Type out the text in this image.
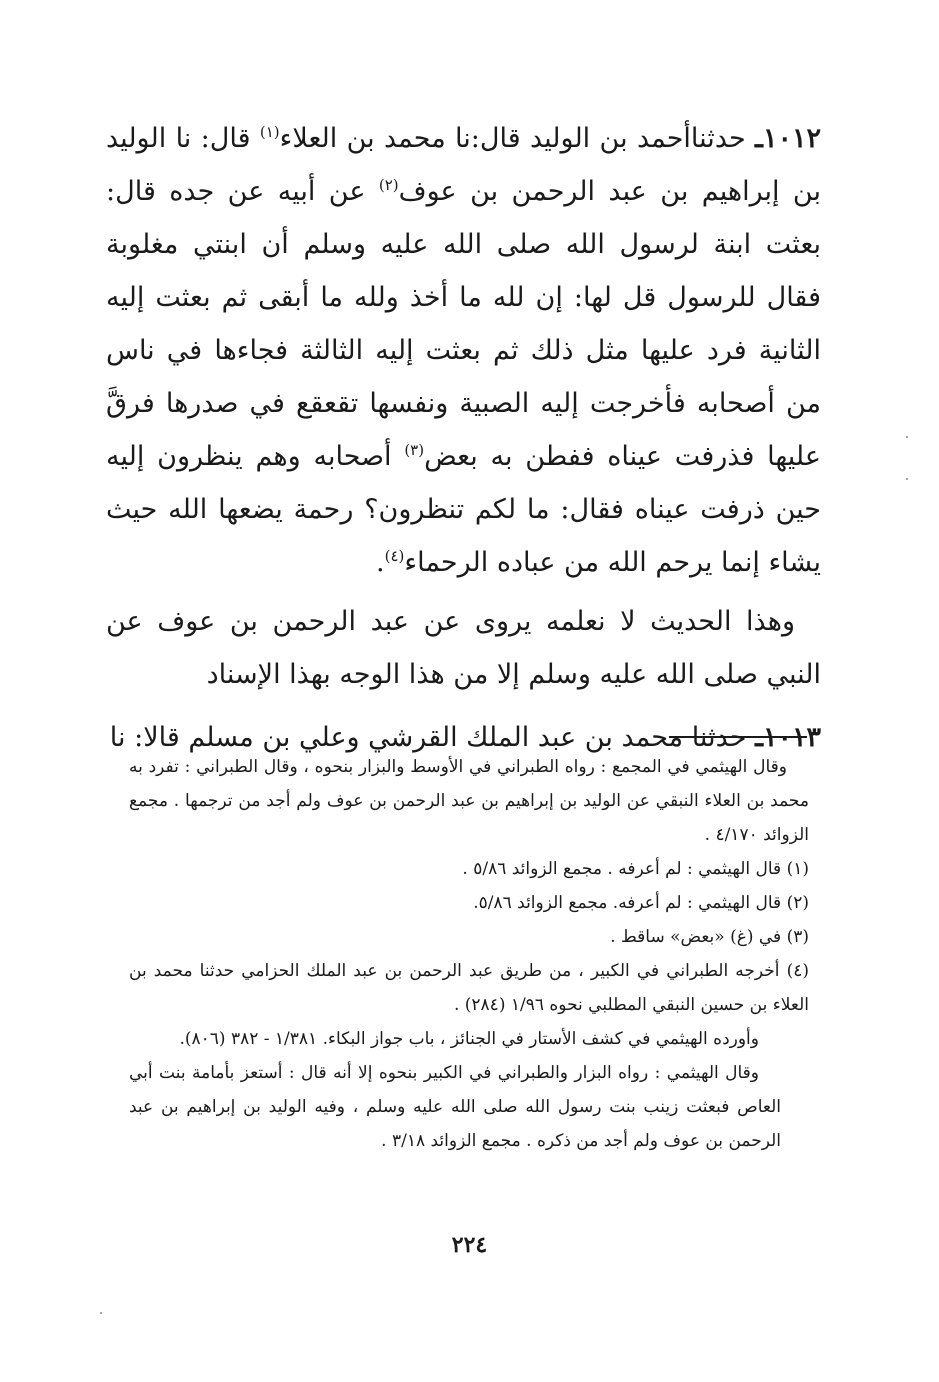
١٠١٢ـ حدثناأحمد بن الوليد قال:نا محمد بن العلاء$^{(١)}$ قال: نا الوليد بن إبراهيم بن عبد الرحمن بن عوف$^{(٢)}$ عن أبيه عن جده قال: بعثت ابنة لرسول الله صلى الله عليه وسلم أن ابنتي مغلوبة فقال للرسول قل لها: إن لله ما أخذ ولله ما أبقى ثم بعثت إليه الثانية فرد عليها مثل ذلك ثم بعثت إليه الثالثة فجاءها في ناس من أصحابه فأخرجت إليه الصبية ونفسها تقعقع في صدرها فرقَّ عليها فذرفت عيناه ففطن به بعض$^{(٣)}$ أصحابه وهم ينظرون إليه حين ذرفت عيناه فقال: ما لكم تنظرون؟ رحمة يضعها الله حيث يشاء إنما يرحم الله من عباده الرحماء$^{(٤)}$.

وهذا الحديث لا نعلمه يروى عن عبد الرحمن بن عوف عن النبي صلى الله عليه وسلم إلا من هذا الوجه بهذا الإسناد

١٠١٣ـ حدثنا محمد بن عبد الملك القرشي وعلي بن مسلم قالا: نا

وقال الهيثمي في المجمع : رواه الطبراني في الأوسط والبزار بنحوه ، وقال الطبراني : تفرد به محمد بن العلاء النبقي عن الوليد بن إبراهيم بن عبد الرحمن بن عوف ولم أجد من ترجمها . مجمع الزوائد ٤/١٧٠ .

(١) قال الهيثمي : لم أعرفه . مجمع الزوائد ٥/٨٦ .

(٢) قال الهيثمي : لم أعرفه. مجمع الزوائد ٥/٨٦.

(٣) في (غ) «بعض» ساقط .

(٤) أخرجه الطبراني في الكبير ، من طريق عبد الرحمن بن عبد الملك الحزامي حدثنا محمد بن العلاء بن حسين النبقي المطلبي نحوه ١/٩٦ (٢٨٤) .

وأورده الهيثمي في كشف الأستار في الجنائز ، باب جواز البكاء. ١/٣٨١ - ٣٨٢ (٨٠٦).

وقال الهيثمي : رواه البزار والطبراني في الكبير بنحوه إلا أنه قال : أستعز بأمامة بنت أبي العاص فبعثت زينب بنت رسول الله صلى الله عليه وسلم ، وفيه الوليد بن إبراهيم بن عبد الرحمن بن عوف ولم أجد من ذكره . مجمع الزوائد ٣/١٨ .

٢٢٤
